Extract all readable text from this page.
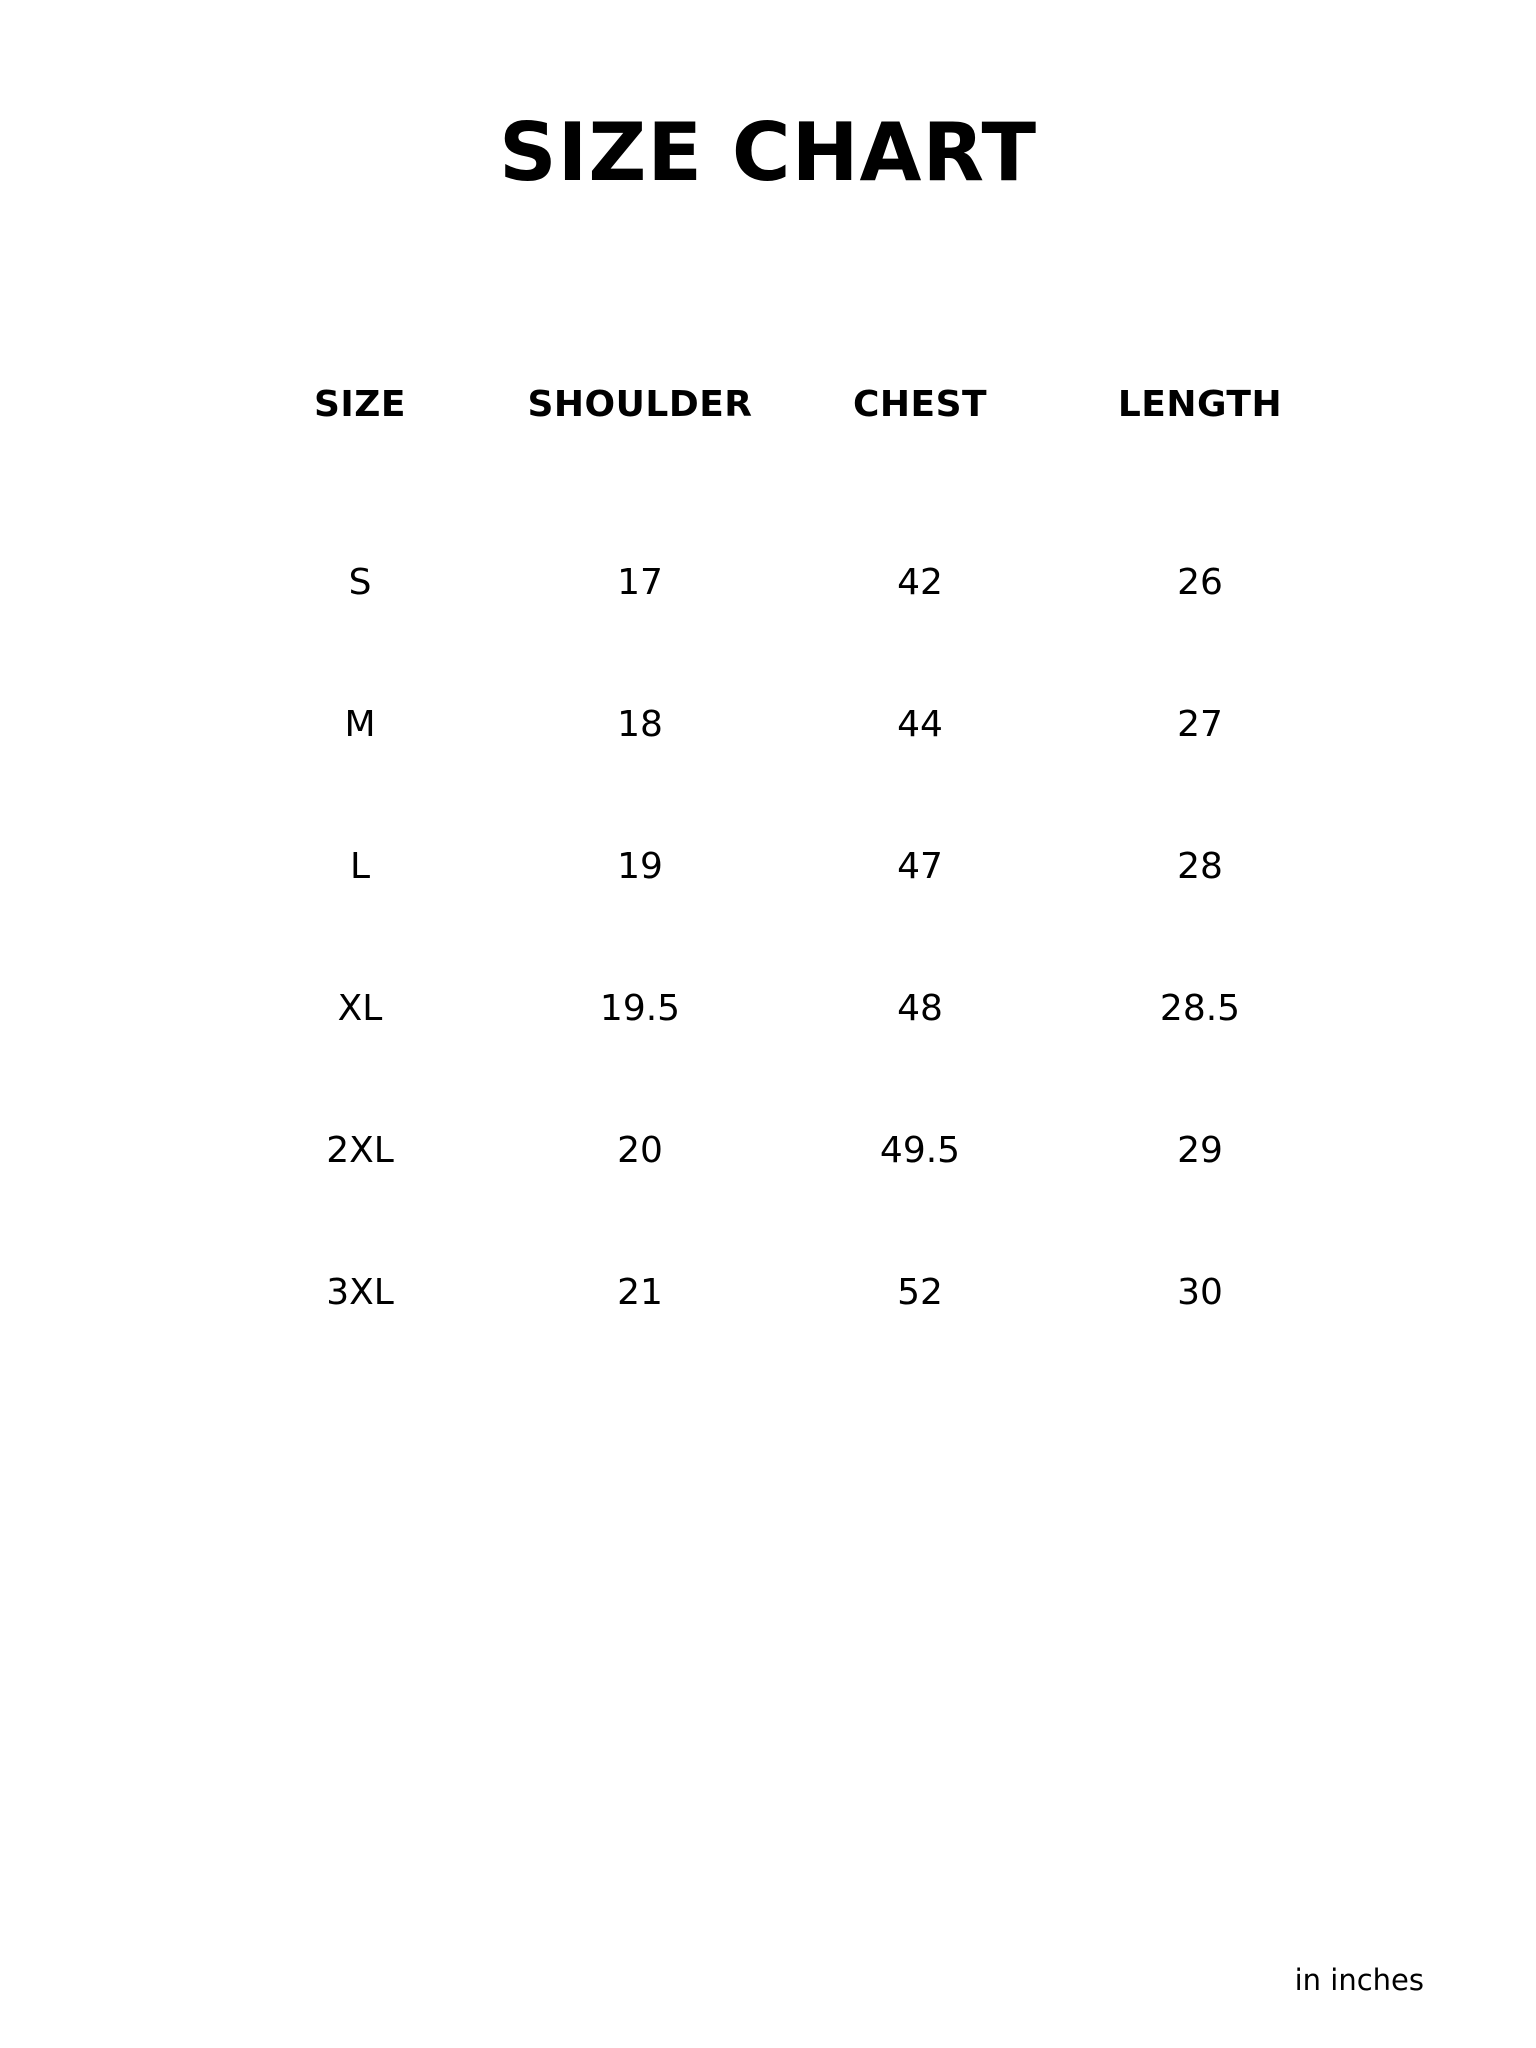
SIZE CHART
SIZE	SHOULDER	CHEST	LENGTH
S	17	42	26
M	18	44	27
L	19	47	28
XL	19.5	48	28.5
2XL	20	49.5	29
3XL	21	52	30
in inches
